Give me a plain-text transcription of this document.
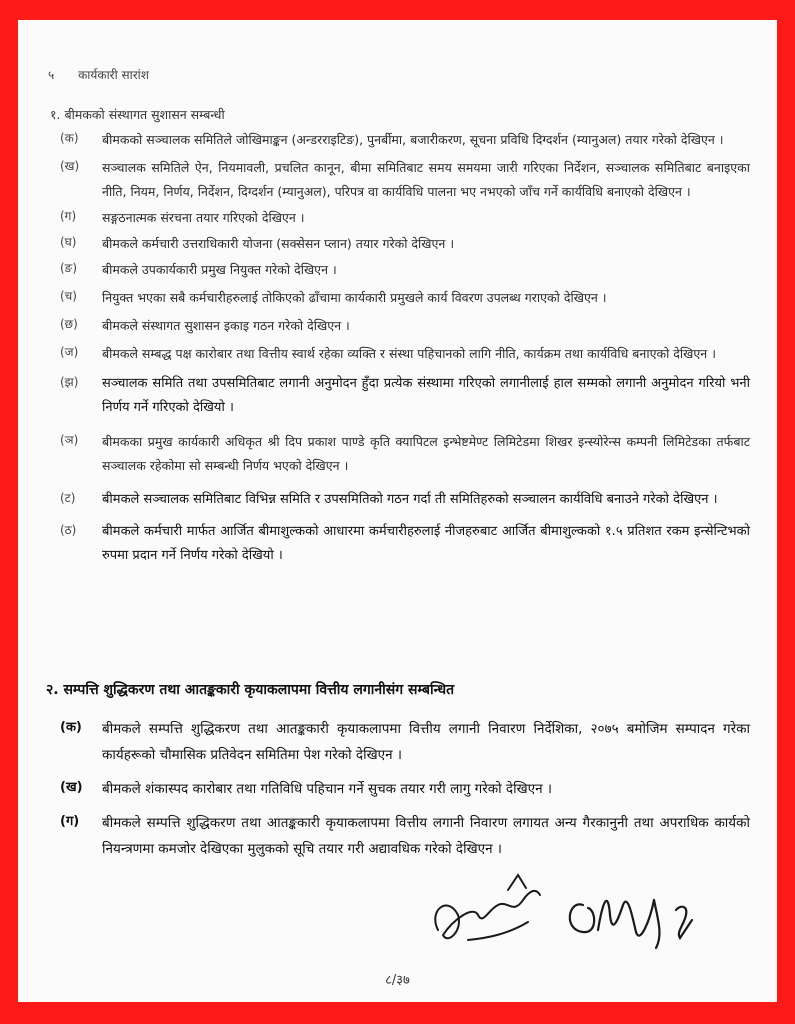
५ कार्यकारी सारांश
१. बीमकको संस्थागत सुशासन सम्बन्धी
(क)	बीमकको सञ्चालक समितिले जोखिमाङ्कन (अन्डरराइटिङ), पुनर्बीमा, बजारीकरण, सूचना प्रविधि दिग्दर्शन (म्यानुअल) तयार गरेको देखिएन ।
(ख)	सञ्चालक समितिले ऐन, नियमावली, प्रचलित कानून, बीमा समितिबाट समय समयमा जारी गरिएका निर्देशन, सञ्चालक समितिबाट बनाइएका नीति, नियम, निर्णय, निर्देशन, दिग्दर्शन (म्यानुअल), परिपत्र वा कार्यविधि पालना भए नभएको जाँच गर्ने कार्यविधि बनाएको देखिएन ।
(ग)	सङ्गठनात्मक संरचना तयार गरिएको देखिएन ।
(घ)	बीमकले कर्मचारी उत्तराधिकारी योजना (सक्सेसन प्लान) तयार गरेको देखिएन ।
(ङ)	बीमकले उपकार्यकारी प्रमुख नियुक्त गरेको देखिएन ।
(च)	नियुक्त भएका सबै कर्मचारीहरुलाई तोकिएको ढाँचामा कार्यकारी प्रमुखले कार्य विवरण उपलब्ध गराएको देखिएन ।
(छ)	बीमकले संस्थागत सुशासन इकाइ गठन गरेको देखिएन ।
(ज)	बीमकले सम्बद्ध पक्ष कारोबार तथा वित्तीय स्वार्थ रहेका व्यक्ति र संस्था पहिचानको लागि नीति, कार्यक्रम तथा कार्यविधि बनाएको देखिएन ।
(झ)	सञ्चालक समिति तथा उपसमितिबाट लगानी अनुमोदन हुँदा प्रत्येक संस्थामा गरिएको लगानीलाई हाल सम्मको लगानी अनुमोदन गरियो भनी निर्णय गर्ने गरिएको देखियो ।
(ञ)	बीमकका प्रमुख कार्यकारी अधिकृत श्री दिप प्रकाश पाण्डे कृति क्यापिटल इन्भेष्टमेण्ट लिमिटेडमा शिखर इन्स्योरेन्स कम्पनी लिमिटेडका तर्फबाट सञ्चालक रहेकोमा सो सम्बन्धी निर्णय भएको देखिएन ।
(ट)	बीमकले सञ्चालक समितिबाट विभिन्न समिति र उपसमितिको गठन गर्दा ती समितिहरुको सञ्चालन कार्यविधि बनाउने गरेको देखिएन ।
(ठ)	बीमकले कर्मचारी मार्फत आर्जित बीमाशुल्कको आधारमा कर्मचारीहरुलाई नीजहरुबाट आर्जित बीमाशुल्कको १.५ प्रतिशत रकम इन्सेन्टिभको रुपमा प्रदान गर्ने निर्णय गरेको देखियो ।
२. सम्पत्ति शुद्धिकरण तथा आतङ्ककारी कृयाकलापमा वित्तीय लगानीसंग सम्बन्धित
(क)	बीमकले सम्पत्ति शुद्धिकरण तथा आतङ्ककारी कृयाकलापमा वित्तीय लगानी निवारण निर्देशिका, २०७५ बमोजिम सम्पादन गरेका कार्यहरूको चौमासिक प्रतिवेदन समितिमा पेश गरेको देखिएन ।
(ख)	बीमकले शंकास्पद कारोबार तथा गतिविधि पहिचान गर्ने सुचक तयार गरी लागु गरेको देखिएन ।
(ग)	बीमकले सम्पत्ति शुद्धिकरण तथा आतङ्ककारी कृयाकलापमा वित्तीय लगानी निवारण लगायत अन्य गैरकानुनी तथा अपराधिक कार्यको नियन्त्रणमा कमजोर देखिएका मुलुकको सूचि तयार गरी अद्यावधिक गरेको देखिएन ।
८/३७
